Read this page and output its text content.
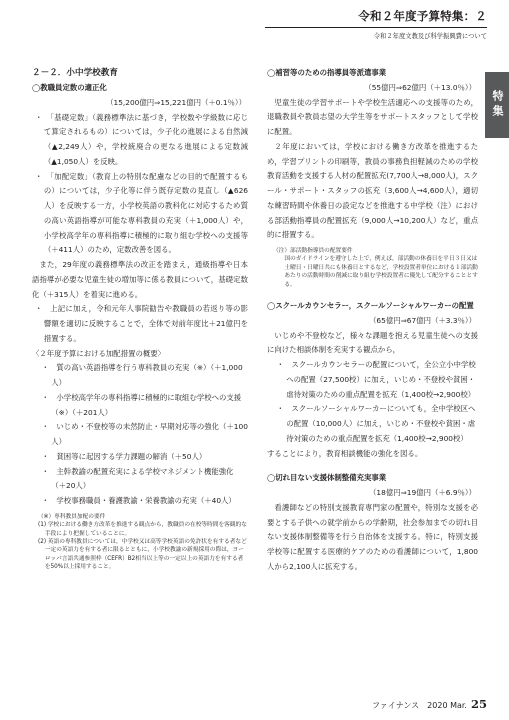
令和２年度予算特集：２
令和２年度文教及び科学振興費について
特集
２－２．小中学校教育
◯教職員定数の適正化
（15,200億円⇒15,221億円（＋0.1％））
・　「基礎定数」（義務標準法に基づき，学校数や学級数に応じて算定されるもの）については，少子化の進展による自然減（▲2,249人）や，学校統廃合の更なる進展による定数減（▲1,050人）を反映。
・　「加配定数」（教育上の特別な配慮などの目的で配置するもの）については，少子化等に伴う既存定数の見直し（▲626人）を反映する一方，小学校英語の教科化に対応するため質の高い英語指導が可能な専科教員の充実（＋1,000人）や，小学校高学年の専科指導に積極的に取り組む学校への支援等（＋411人）のため，定数改善を図る。
また，29年度の義務標準法の改正を踏まえ，通級指導や日本語指導が必要な児童生徒の増加等に係る教員について，基礎定数化（＋315人）を着実に進める。
・　上記に加え，令和元年人事院勧告や教職員の若返り等の影響額を適切に反映することで，全体で対前年度比＋21億円を措置する。
〈２年度予算における加配措置の概要〉
・　質の高い英語指導を行う専科教員の充実（※）（＋1,000人）
・　小学校高学年の専科指導に積極的に取組む学校への支援（※）（＋201人）
・　いじめ・不登校等の未然防止・早期対応等の強化（＋100人）
・　貧困等に起因する学力課題の解消（＋50人）
・　主幹教諭の配置充実による学校マネジメント機能強化（＋20人）
・　学校事務職員・養護教諭・栄養教諭の充実（＋40人）
（※）専科教員加配の要件
(1) 学校における働き方改革を推進する観点から，教職員の在校等時間を客観的な手段により把握していることに。
(2) 英語の専科教員については，中学校又は高等学校英語の免許状を有する者など一定の英語力を有する者に限るとともに，小学校教諭の新規採用の際は，ヨーロッパ言語共通参照枠（CEFR）B2相当以上等の一定以上の英語力を有する者を50%以上採用すること。
◯補習等のための指導員等派遣事業
（55億円⇒62億円（＋13.0％））
児童生徒の学習サポートや学校生活適応への支援等のため，退職教員や教員志望の大学生等をサポートスタッフとして学校に配置。
２年度においては，学校における働き方改革を推進するため，学習プリントの印刷等，教員の事務負担軽減のための学校教育活動を支援する人材の配置拡充(7,700人→8,000人)，スクール・サポート・スタッフの拡充（3,600人→4,600人），適切な練習時間や休養日の設定などを推進する中学校（注）における部活動指導員の配置拡充（9,000人→10,200人）など，重点的に措置する。
（注）部活動指導員の配置要件
国のガイドラインを遵守した上で，例えば，部活動の休養日を平日３日又は土曜日・日曜日共にも休養日とするなど，学校設置者単位における１部活動あたりの活動時間の削減に取り組む学校設置者に優先して配分することとする。
◯スクールカウンセラー，スクールソーシャルワーカーの配置
（65億円⇒67億円（＋3.3％））
いじめや不登校など，様々な課題を抱える児童生徒への支援に向けた相談体制を充実する観点から，
・　スクールカウンセラーの配置について，全公立小中学校への配置（27,500校）に加え，いじめ・不登校や貧困・虐待対策のための重点配置を拡充（1,400校→2,900校）
・　スクールソーシャルワーカーについても，全中学校区への配置（10,000人）に加え，いじめ・不登校や貧困・虐待対策のための重点配置を拡充（1,400校→2,900校）
することにより，教育相談機能の強化を図る。
◯切れ目ない支援体制整備充実事業
（18億円⇒19億円（＋6.9％））
看護師などの特別支援教育専門家の配置や，特別な支援を必要とする子供への就学前からの学齢期，社会参加までの切れ目ない支援体制整備等を行う自治体を支援する。特に，特別支援学校等に配置する医療的ケアのための看護師について，1,800人から2,100人に拡充する。
ファイナンス　2020 Mar. 25
